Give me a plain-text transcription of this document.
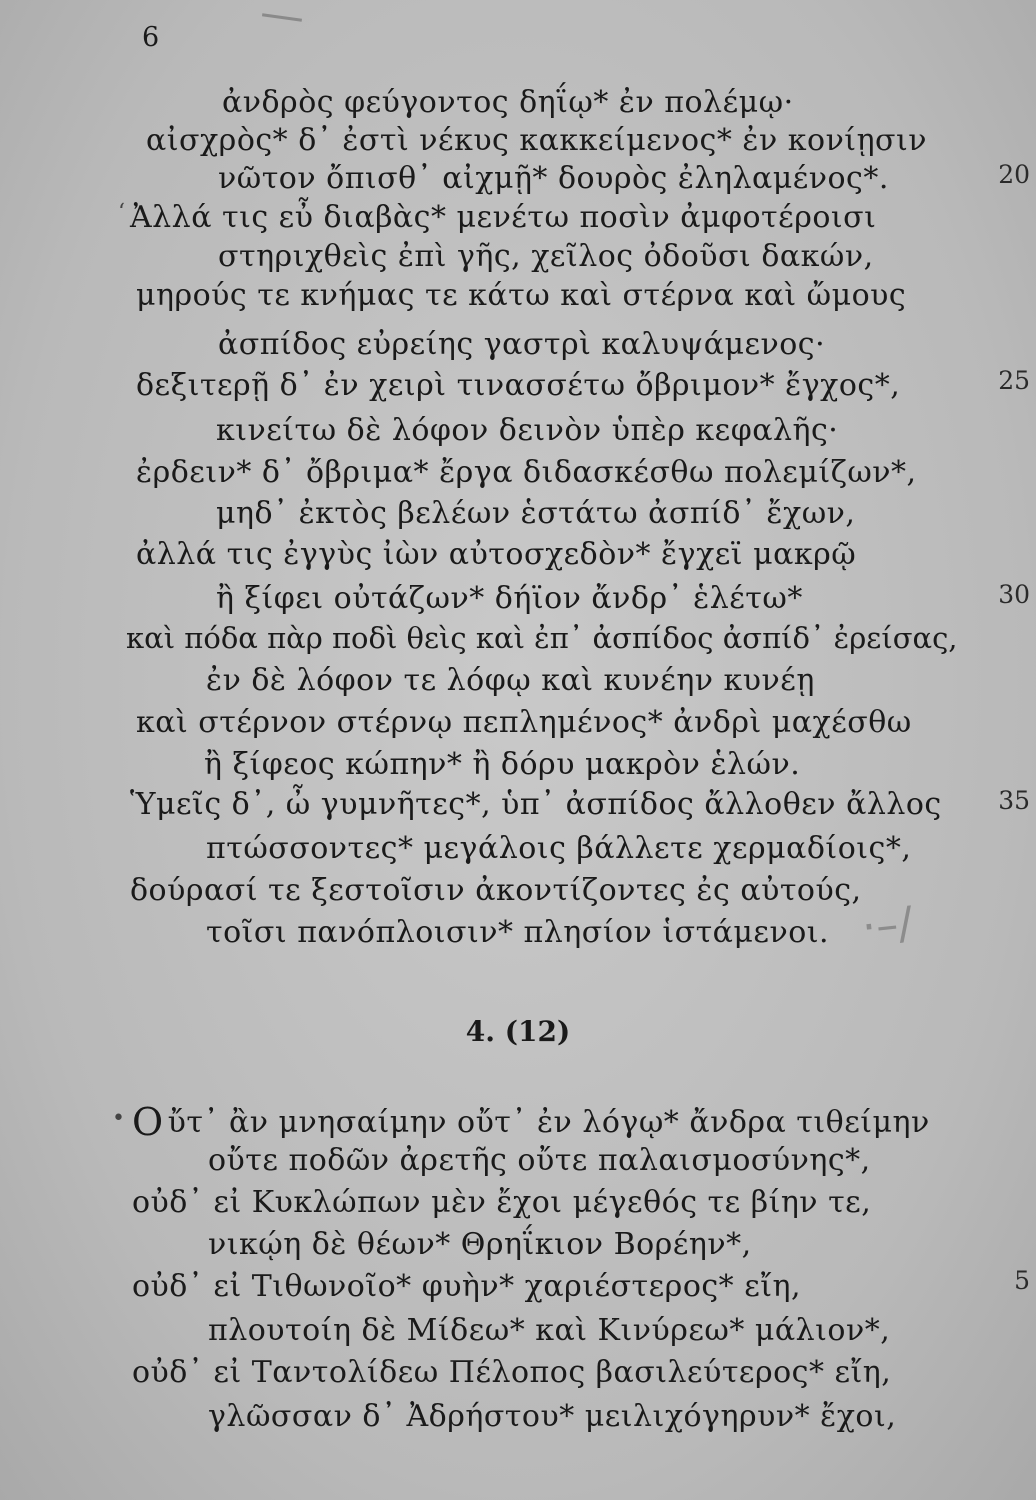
6
ἀνδρὸς φεύγοντος δηΐῳ* ἐν πολέμῳ·
αἰσχρὸς* δ᾽ ἐστὶ νέκυς κακκείμενος* ἐν κονίῃσιν
νῶτον ὄπισθ᾽ αἰχμῇ* δουρὸς ἐληλαμένος*.	20
ʻ Ἀλλά τις εὖ διαβὰς* μενέτω ποσὶν ἀμφοτέροισι
στηριχθεὶς ἐπὶ γῆς, χεῖλος ὀδοῦσι δακών,
μηρούς τε κνήμας τε κάτω καὶ στέρνα καὶ ὤμους
ἀσπίδος εὐρείης γαστρὶ καλυψάμενος·
δεξιτερῇ δ᾽ ἐν χειρὶ τινασσέτω ὄβριμον* ἔγχος*,	25
κινείτω δὲ λόφον δεινὸν ὑπὲρ κεφαλῆς·
ἐρδειν* δ᾽ ὄβριμα* ἔργα διδασκέσθω πολεμίζων*,
μηδ᾽ ἐκτὸς βελέων ἑστάτω ἀσπίδ᾽ ἔχων,
ἀλλά τις ἐγγὺς ἰὼν αὐτοσχεδὸν* ἔγχεϊ μακρῷ
ἢ ξίφει οὐτάζων* δήϊον ἄνδρ᾽ ἑλέτω*	30
καὶ πόδα πὰρ ποδὶ θεὶς καὶ ἐπ᾽ ἀσπίδος ἀσπίδ᾽ ἐρείσας,
ἐν δὲ λόφον τε λόφῳ καὶ κυνέην κυνέῃ
καὶ στέρνον στέρνῳ πεπλημένος* ἀνδρὶ μαχέσθω
ἢ ξίφεος κώπην* ἢ δόρυ μακρὸν ἑλών.
Ὑμεῖς δ᾽, ὦ γυμνῆτες*, ὑπ᾽ ἀσπίδος ἄλλοθεν ἄλλος 35
πτώσσοντες* μεγάλοις βάλλετε χερμαδίοις*,
δούρασί τε ξεστοῖσιν ἀκοντίζοντες ἐς αὐτούς,
τοῖσι πανόπλοισιν* πλησίον ἱστάμενοι. ·–/
4. (12)
• O ὔτ᾽ ἂν μνησαίμην οὔτ᾽ ἐν λόγῳ* ἄνδρα τιθείμην
οὔτε ποδῶν ἀρετῆς οὔτε παλαισμοσύνης*,
οὐδ᾽ εἰ Κυκλώπων μὲν ἔχοι μέγεθός τε βίην τε,
νικῴη δὲ θέων* Θρηΐκιον Βορέην*,
οὐδ᾽ εἰ Τιθωνοῖο* φυὴν* χαριέστερος* εἴη,	5
πλουτοίη δὲ Μίδεω* καὶ Κινύρεω* μάλιον*,
οὐδ᾽ εἰ Ταντολίδεω Πέλοπος βασιλεύτερος* εἴη,
γλῶσσαν δ᾽ Ἀδρήστου* μειλιχόγηρυν* ἔχοι,
